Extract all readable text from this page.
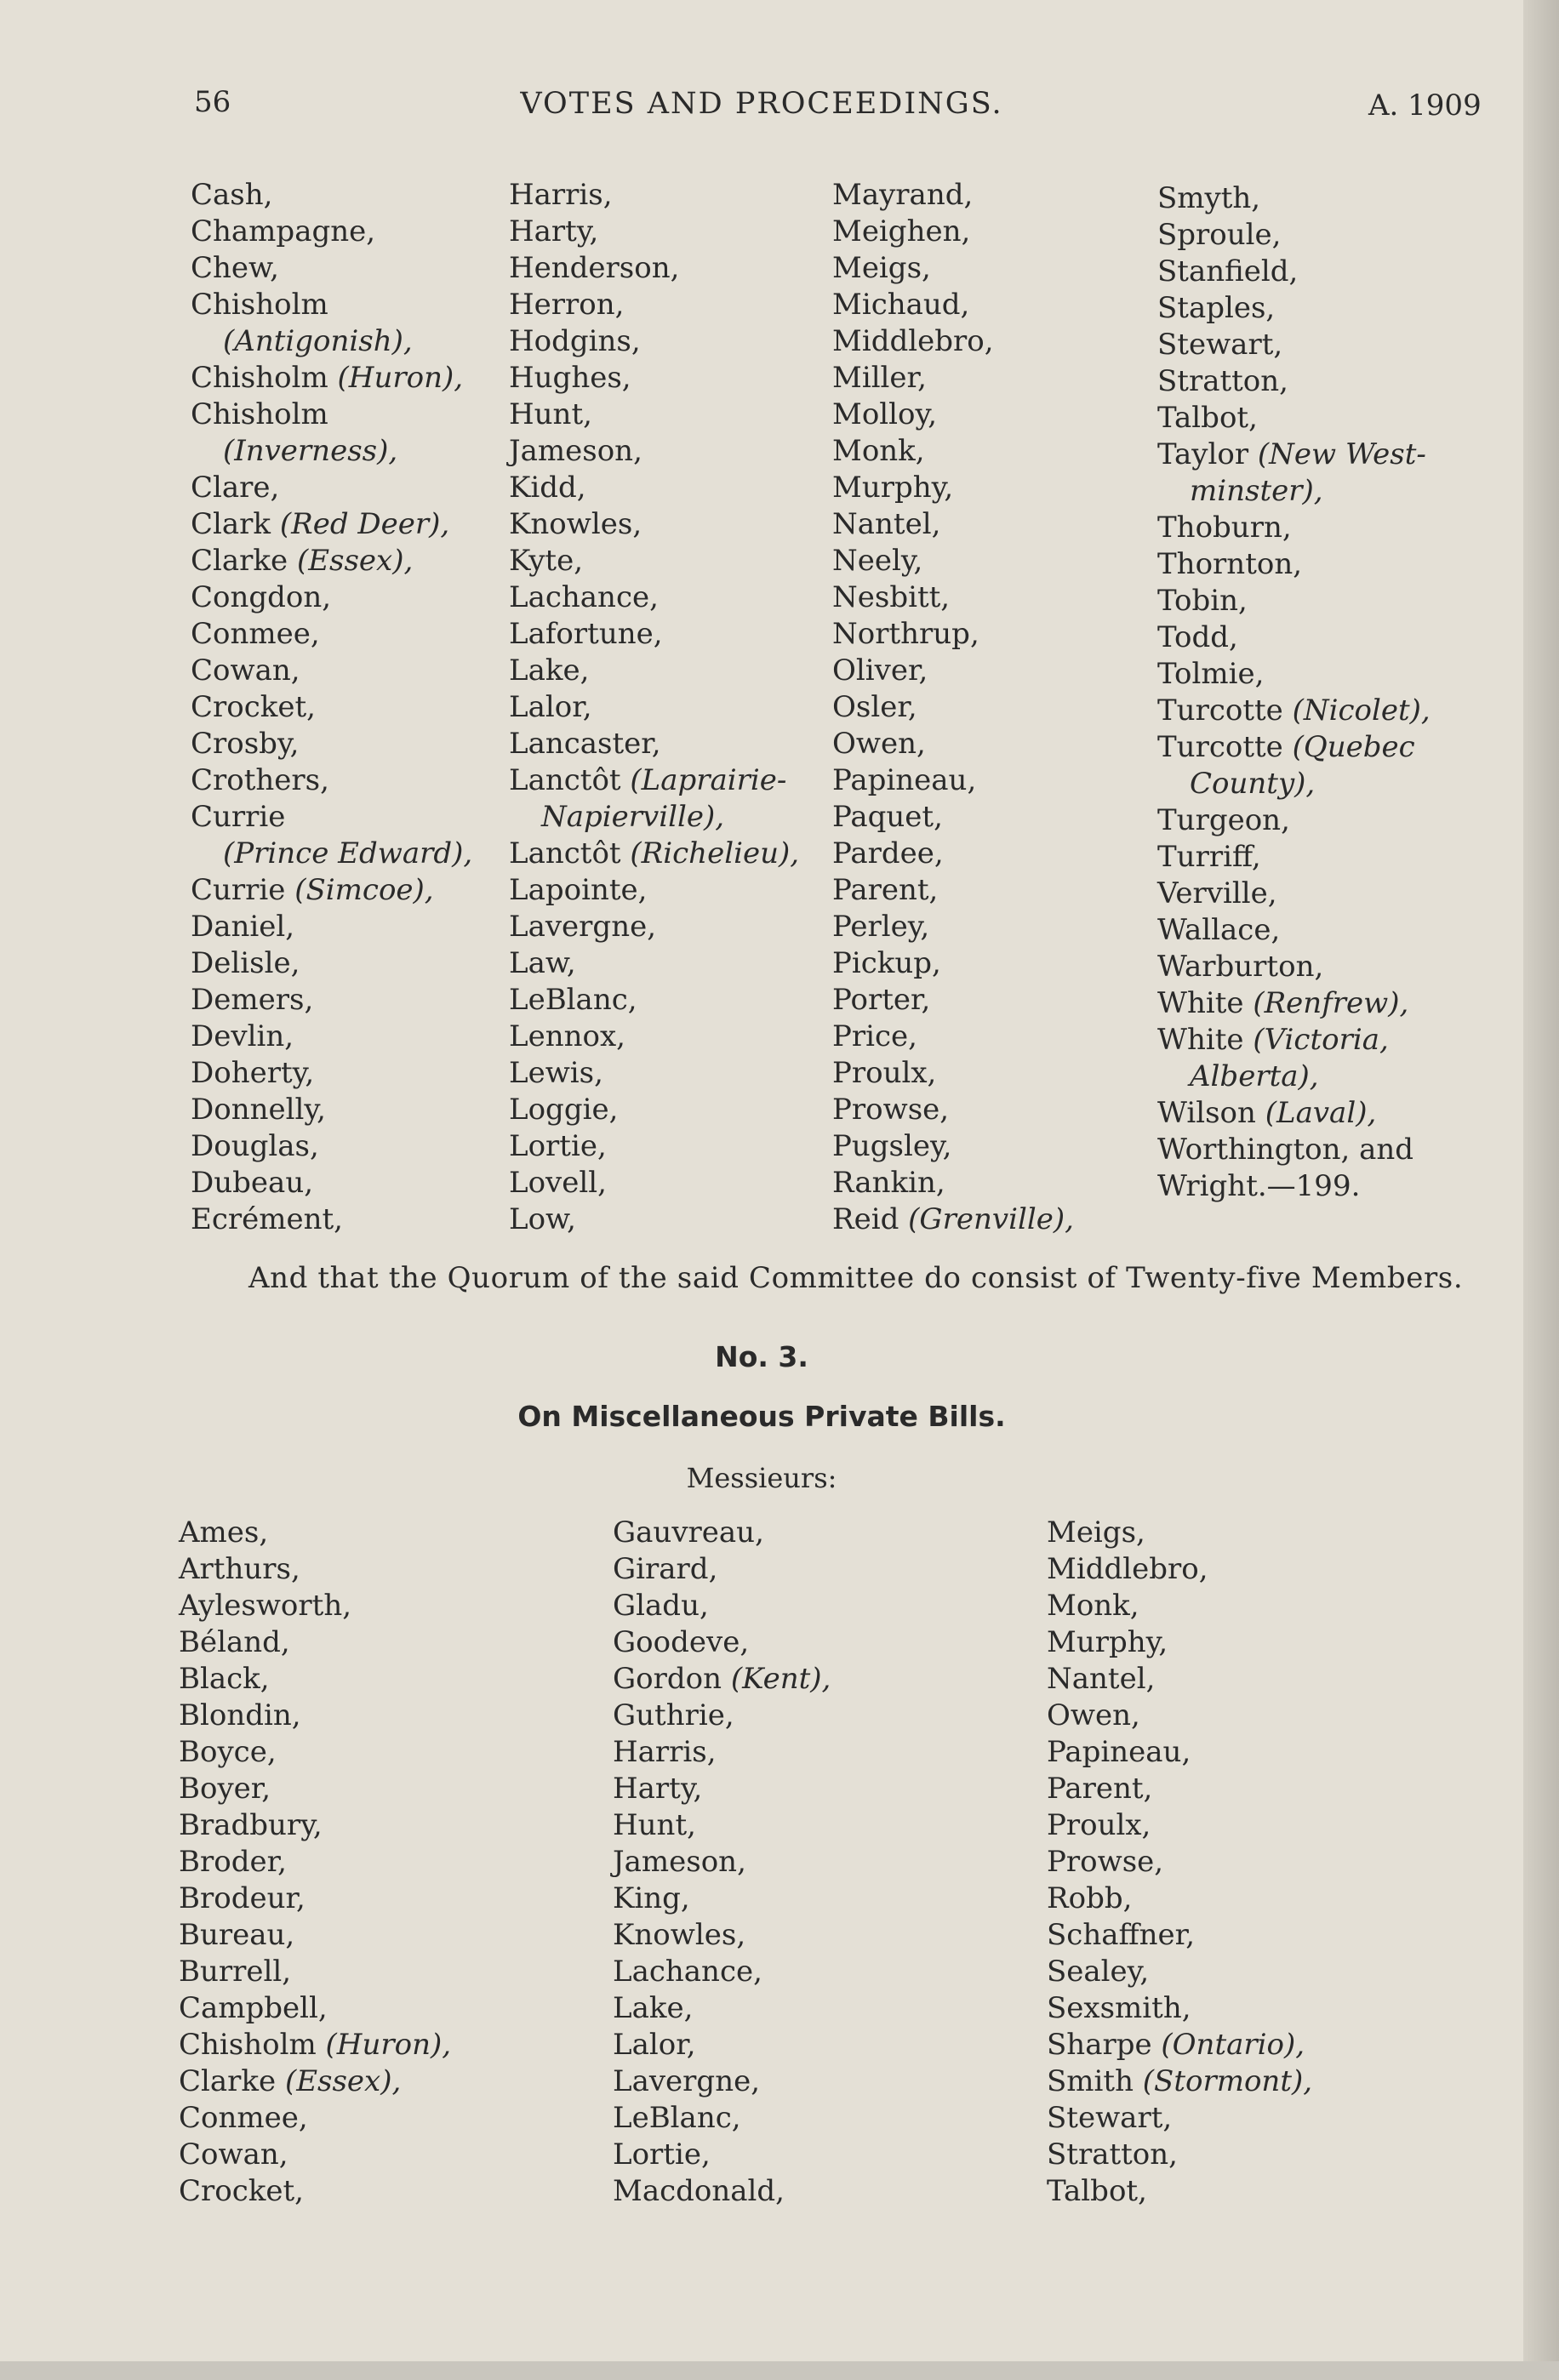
56	VOTES AND PROCEEDINGS.	A. 1909
Cash,
Champagne,
Chew,
Chisholm
(Antigonish),
Chisholm (Huron),
Chisholm
(Inverness),
Clare,
Clark (Red Deer),
Clarke (Essex),
Congdon,
Conmee,
Cowan,
Crocket,
Crosby,
Crothers,
Currie
(Prince Edward),
Currie (Simcoe),
Daniel,
Delisle,
Demers,
Devlin,
Doherty,
Donnelly,
Douglas,
Dubeau,
Ecrément,
Harris,
Harty,
Henderson,
Herron,
Hodgins,
Hughes,
Hunt,
Jameson,
Kidd,
Knowles,
Kyte,
Lachance,
Lafortune,
Lake,
Lalor,
Lancaster,
Lanctôt (Laprairie-
Napierville),
Lanctôt (Richelieu),
Lapointe,
Lavergne,
Law,
LeBlanc,
Lennox,
Lewis,
Loggie,
Lortie,
Lovell,
Low,
Mayrand,
Meighen,
Meigs,
Michaud,
Middlebro,
Miller,
Molloy,
Monk,
Murphy,
Nantel,
Neely,
Nesbitt,
Northrup,
Oliver,
Osler,
Owen,
Papineau,
Paquet,
Pardee,
Parent,
Perley,
Pickup,
Porter,
Price,
Proulx,
Prowse,
Pugsley,
Rankin,
Reid (Grenville),
Smyth,
Sproule,
Stanfield,
Staples,
Stewart,
Stratton,
Talbot,
Taylor (New West-
minster),
Thoburn,
Thornton,
Tobin,
Todd,
Tolmie,
Turcotte (Nicolet),
Turcotte (Quebec
County),
Turgeon,
Turriff,
Verville,
Wallace,
Warburton,
White (Renfrew),
White (Victoria,
Alberta),
Wilson (Laval),
Worthington, and
Wright.—199.
And that the Quorum of the said Committee do consist of Twenty-five Members.
No. 3.
On Miscellaneous Private Bills.
Messieurs:
Ames,
Arthurs,
Aylesworth,
Béland,
Black,
Blondin,
Boyce,
Boyer,
Bradbury,
Broder,
Brodeur,
Bureau,
Burrell,
Campbell,
Chisholm (Huron),
Clarke (Essex),
Conmee,
Cowan,
Crocket,
Gauvreau,
Girard,
Gladu,
Goodeve,
Gordon (Kent),
Guthrie,
Harris,
Harty,
Hunt,
Jameson,
King,
Knowles,
Lachance,
Lake,
Lalor,
Lavergne,
LeBlanc,
Lortie,
Macdonald,
Meigs,
Middlebro,
Monk,
Murphy,
Nantel,
Owen,
Papineau,
Parent,
Proulx,
Prowse,
Robb,
Schaffner,
Sealey,
Sexsmith,
Sharpe (Ontario),
Smith (Stormont),
Stewart,
Stratton,
Talbot,
